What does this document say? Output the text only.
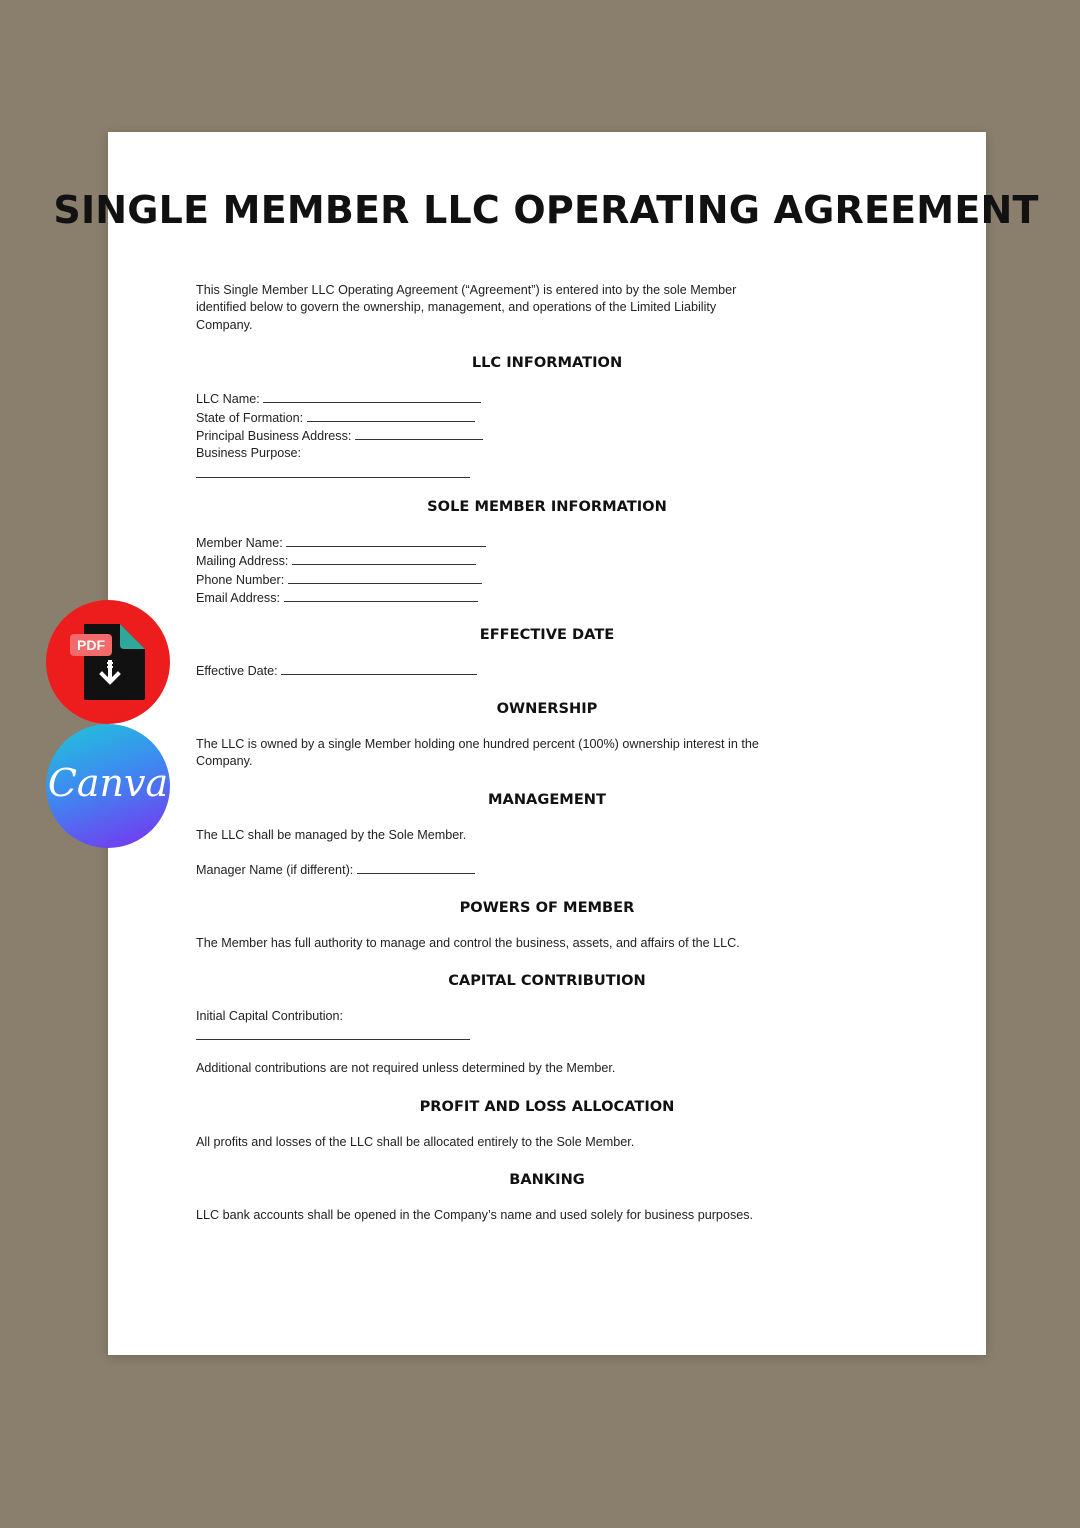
SINGLE MEMBER LLC OPERATING AGREEMENT

This Single Member LLC Operating Agreement (“Agreement”) is entered into by the sole Member identified below to govern the ownership, management, and operations of the Limited Liability Company.

LLC INFORMATION
LLC Name:
State of Formation:
Principal Business Address:
Business Purpose:
SOLE MEMBER INFORMATION
Member Name:
Mailing Address:
Phone Number:
Email Address:
EFFECTIVE DATE
Effective Date:
OWNERSHIP

The LLC is owned by a single Member holding one hundred percent (100%) ownership interest in the Company.

MANAGEMENT

The LLC shall be managed by the Sole Member.

Manager Name (if different):
POWERS OF MEMBER

The Member has full authority to manage and control the business, assets, and affairs of the LLC.

CAPITAL CONTRIBUTION
Initial Capital Contribution:

Additional contributions are not required unless determined by the Member.

PROFIT AND LOSS ALLOCATION

All profits and losses of the LLC shall be allocated entirely to the Sole Member.

BANKING

LLC bank accounts shall be opened in the Company’s name and used solely for business purposes.

PDF
Canva
